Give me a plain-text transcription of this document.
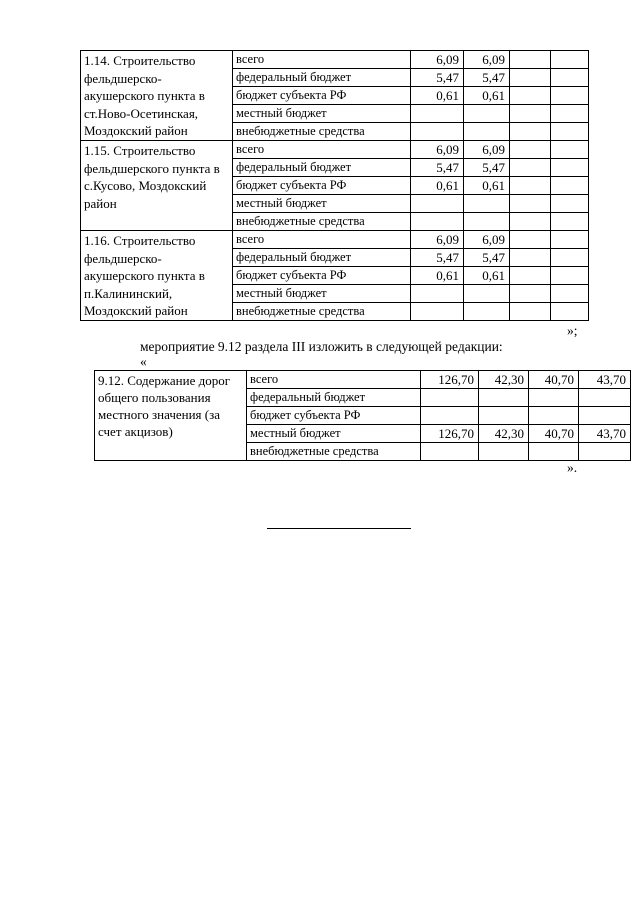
1.14. Строительство фельдшерско-акушерского пункта в ст.Ново-Осетинская, Моздокский район	всего	6,09	6,09		
	федеральный бюджет	5,47	5,47		
	бюджет субъекта РФ	0,61	0,61		
	местный бюджет				
	внебюджетные средства				
1.15. Строительство фельдшерского пункта в с.Кусово, Моздокский район	всего	6,09	6,09		
	федеральный бюджет	5,47	5,47		
	бюджет субъекта РФ	0,61	0,61		
	местный бюджет				
	внебюджетные средства				
1.16. Строительство фельдшерско-акушерского пункта в п.Калининский, Моздокский район	всего	6,09	6,09		
	федеральный бюджет	5,47	5,47		
	бюджет субъекта РФ	0,61	0,61		
	местный бюджет				
	внебюджетные средства				
»;
мероприятие 9.12 раздела III изложить в следующей редакции:
«
9.12. Содержание дорог общего пользования местного значения (за счет акцизов)	всего	126,70	42,30	40,70	43,70
	федеральный бюджет				
	бюджет субъекта РФ				
	местный бюджет	126,70	42,30	40,70	43,70
	внебюджетные средства				
».
